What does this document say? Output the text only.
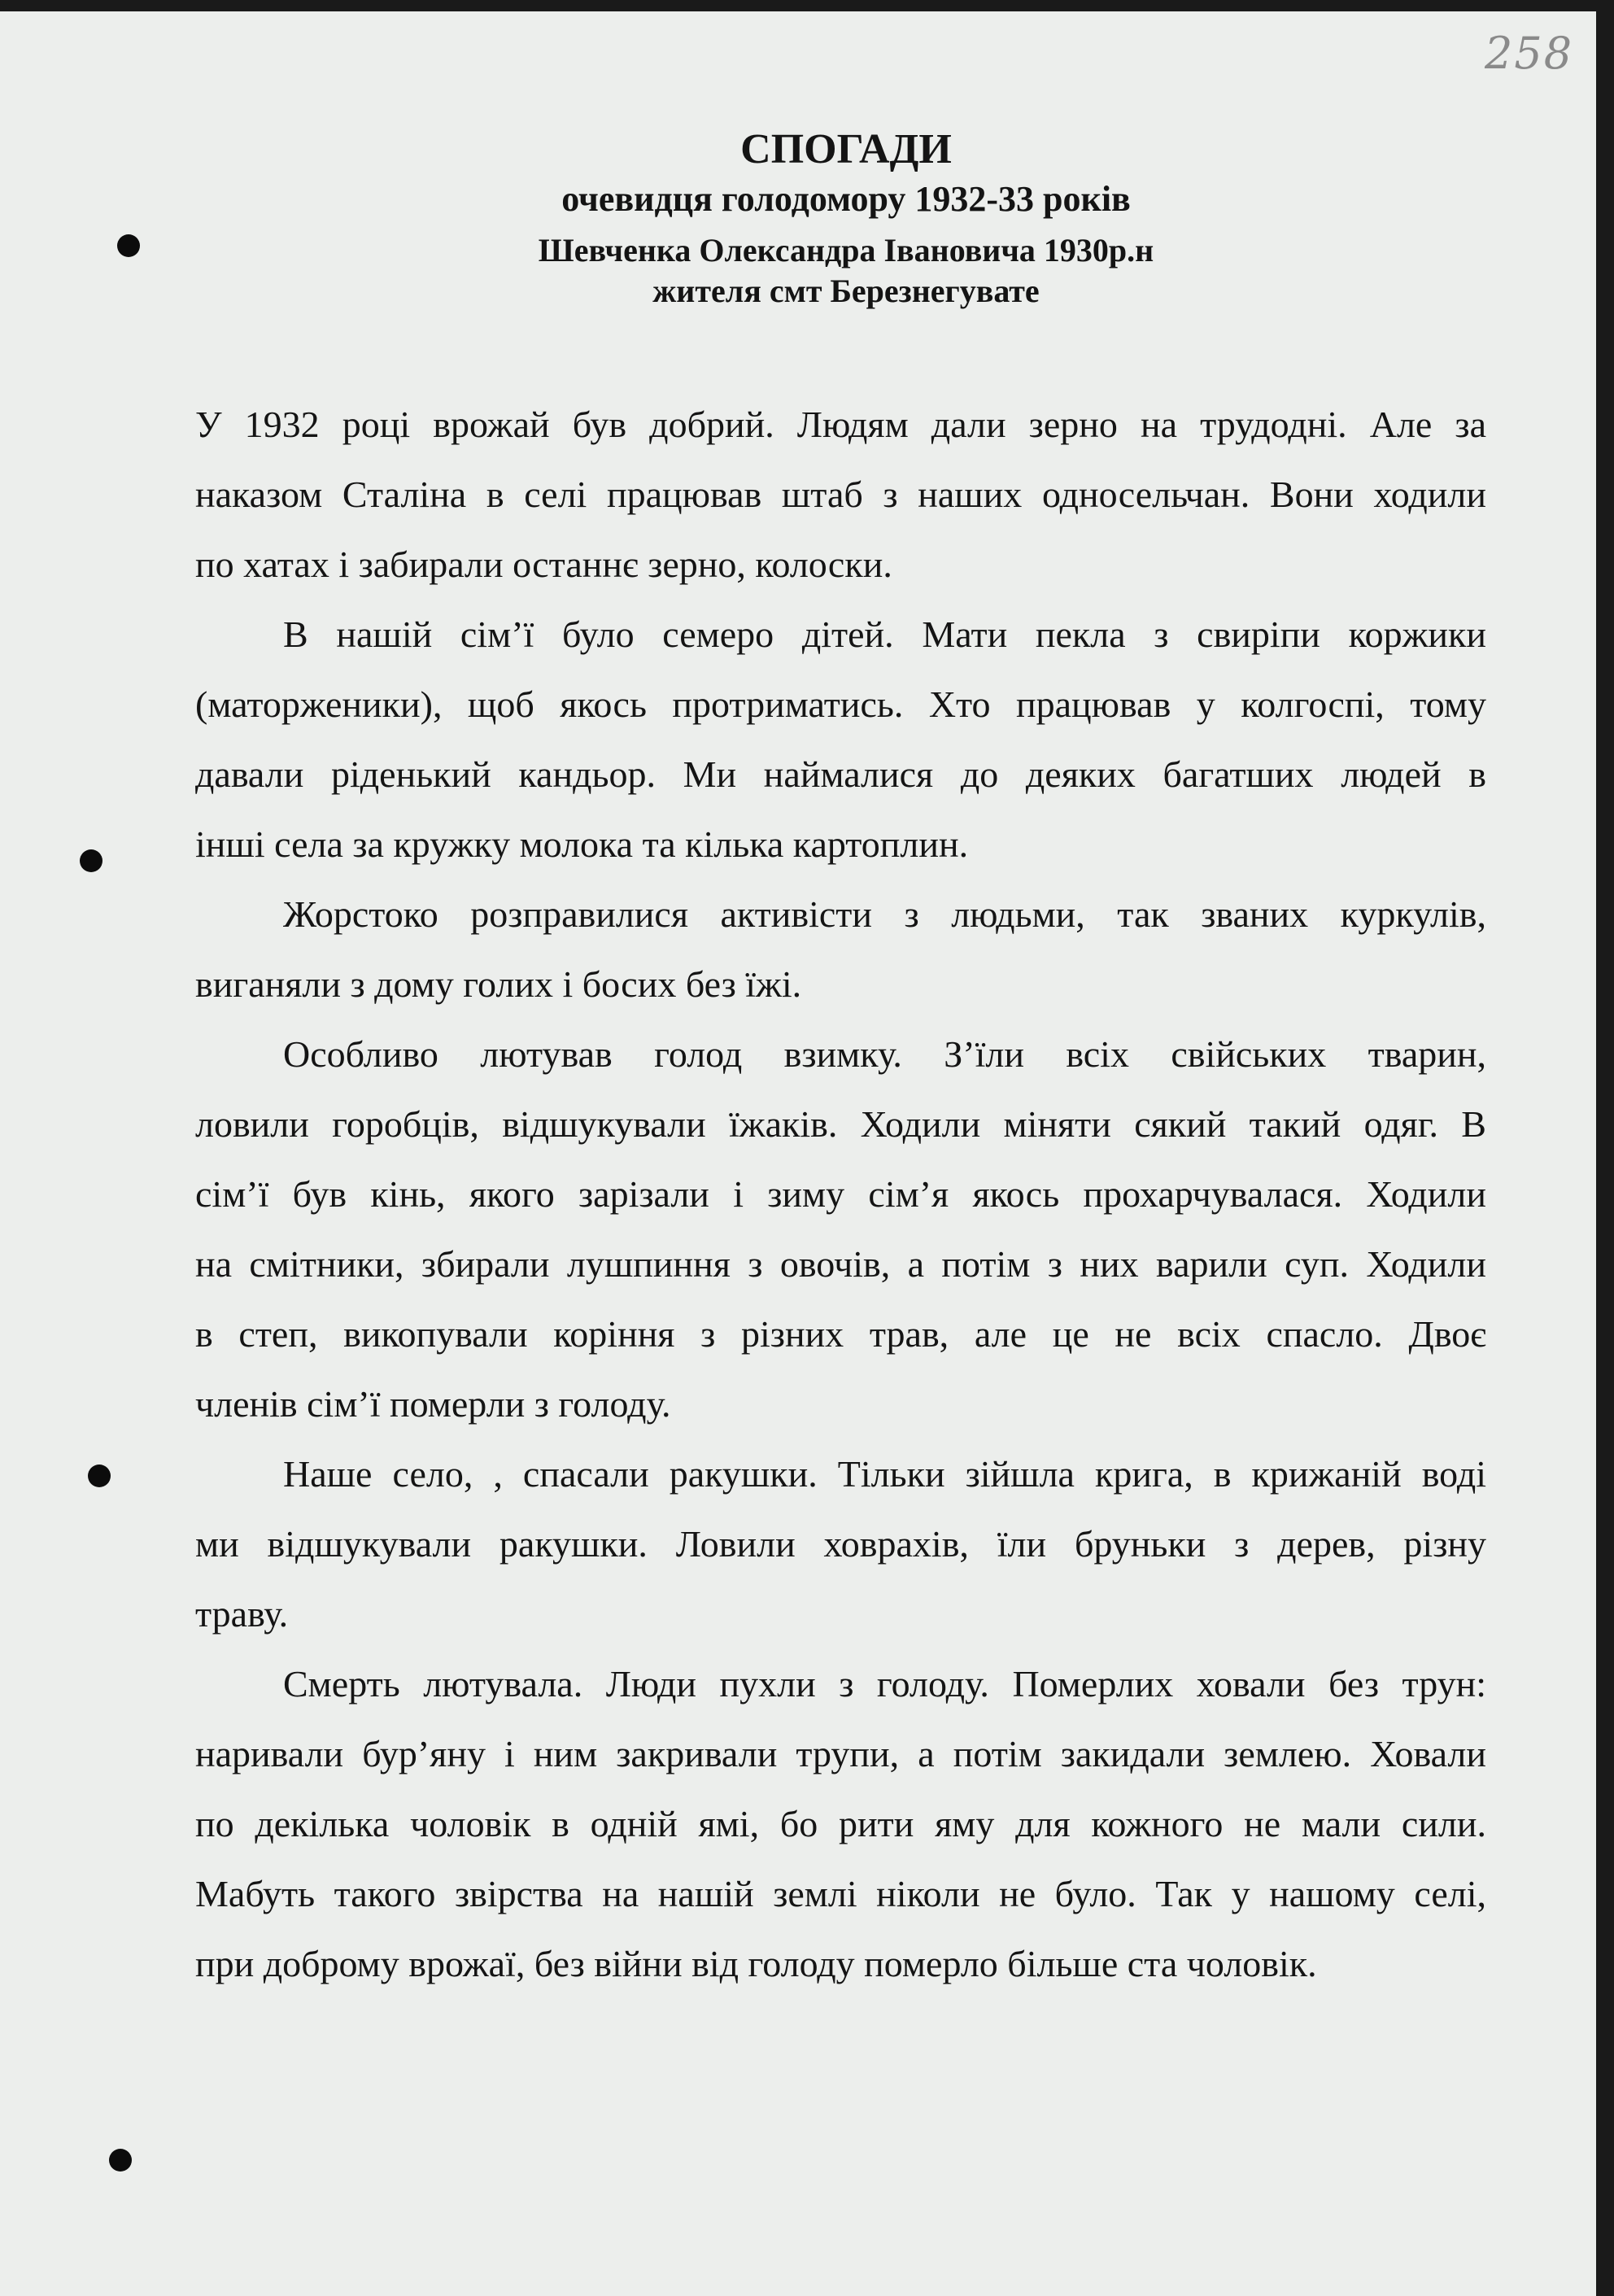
258
СПОГАДИ
очевидця голодомору 1932-33 років
Шевченка Олександра Івановича 1930р.н
жителя смт Березнегувате
У 1932 році врожай був добрий. Людям дали зерно на трудодні. Але за
наказом Сталіна в селі працював штаб з наших односельчан. Вони ходили
по хатах і забирали останнє зерно, колоски.
В нашій сім’ї було семеро дітей. Мати пекла з свиріпи коржики
(маторженики), щоб якось протриматись. Хто працював у колгоспі, тому
давали ріденький кандьор. Ми наймалися до деяких багатших людей в
інші села за кружку молока та кілька картоплин.
Жорстоко розправилися активісти з людьми, так званих куркулів,
виганяли з дому голих і босих без їжі.
Особливо лютував голод взимку. З’їли всіх свійських тварин,
ловили горобців, відшукували їжаків. Ходили міняти сякий такий одяг. В
сім’ї був кінь, якого зарізали і зиму сім’я якось прохарчувалася. Ходили
на смітники, збирали лушпиння з овочів, а потім з них варили суп. Ходили
в степ, викопували коріння з різних трав, але це не всіх спасло. Двоє
членів сім’ї померли з голоду.
Наше село, , спасали ракушки. Тільки зійшла крига, в крижаній воді
ми відшукували ракушки. Ловили ховрахів, їли бруньки з дерев, різну
траву.
Смерть лютувала. Люди пухли з голоду. Померлих ховали без трун:
наривали бур’яну і ним закривали трупи, а потім закидали землею. Ховали
по декілька чоловік в одній ямі, бо рити яму для кожного не мали сили.
Мабуть такого звірства на нашій землі ніколи не було. Так у нашому селі,
при доброму врожаї, без війни від голоду померло більше ста чоловік.
